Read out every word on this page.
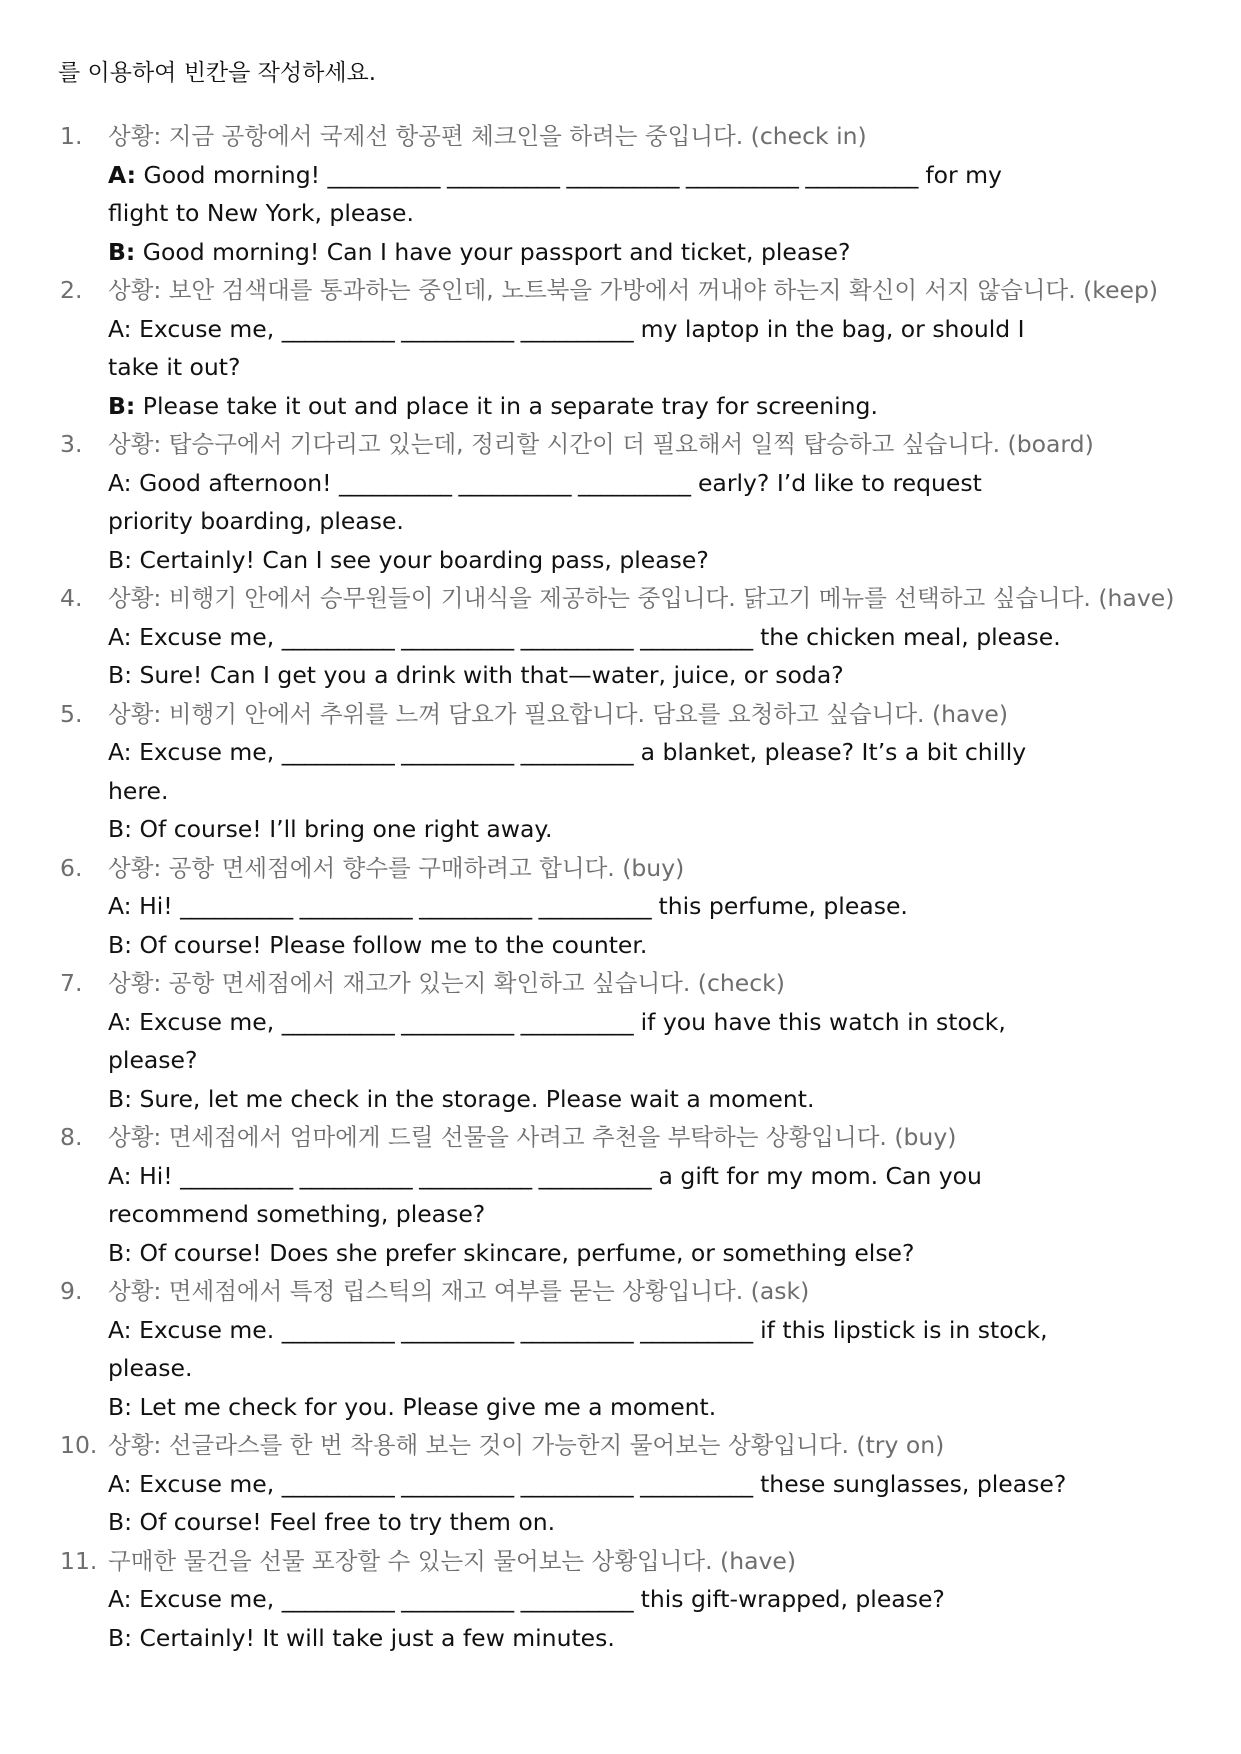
를 이용하여 빈칸을 작성하세요.
1.	상황: 지금 공항에서 국제선 항공편 체크인을 하려는 중입니다. (check in)
A: Good morning! __________ __________ __________ __________ __________ for my
flight to New York, please.
B: Good morning! Can I have your passport and ticket, please?
2.	상황: 보안 검색대를 통과하는 중인데, 노트북을 가방에서 꺼내야 하는지 확신이 서지 않습니다. (keep)
A: Excuse me, __________ __________ __________ my laptop in the bag, or should I
take it out?
B: Please take it out and place it in a separate tray for screening.
3.	상황: 탑승구에서 기다리고 있는데, 정리할 시간이 더 필요해서 일찍 탑승하고 싶습니다. (board)
A: Good afternoon! __________ __________ __________ early? I’d like to request
priority boarding, please.
B: Certainly! Can I see your boarding pass, please?
4.	상황: 비행기 안에서 승무원들이 기내식을 제공하는 중입니다. 닭고기 메뉴를 선택하고 싶습니다. (have)
A: Excuse me, __________ __________ __________ __________ the chicken meal, please.
B: Sure! Can I get you a drink with that—water, juice, or soda?
5.	상황: 비행기 안에서 추위를 느껴 담요가 필요합니다. 담요를 요청하고 싶습니다. (have)
A: Excuse me, __________ __________ __________ a blanket, please? It’s a bit chilly
here.
B: Of course! I’ll bring one right away.
6.	상황: 공항 면세점에서 향수를 구매하려고 합니다. (buy)
A: Hi! __________ __________ __________ __________ this perfume, please.
B: Of course! Please follow me to the counter.
7.	상황: 공항 면세점에서 재고가 있는지 확인하고 싶습니다. (check)
A: Excuse me, __________ __________ __________ if you have this watch in stock,
please?
B: Sure, let me check in the storage. Please wait a moment.
8.	상황: 면세점에서 엄마에게 드릴 선물을 사려고 추천을 부탁하는 상황입니다. (buy)
A: Hi! __________ __________ __________ __________ a gift for my mom. Can you
recommend something, please?
B: Of course! Does she prefer skincare, perfume, or something else?
9.	상황: 면세점에서 특정 립스틱의 재고 여부를 묻는 상황입니다. (ask)
A: Excuse me. __________ __________ __________ __________ if this lipstick is in stock,
please.
B: Let me check for you. Please give me a moment.
10. 상황: 선글라스를 한 번 착용해 보는 것이 가능한지 물어보는 상황입니다. (try on)
A: Excuse me, __________ __________ __________ __________ these sunglasses, please?
B: Of course! Feel free to try them on.
11. 구매한 물건을 선물 포장할 수 있는지 물어보는 상황입니다. (have)
A: Excuse me, __________ __________ __________ this gift-wrapped, please?
B: Certainly! It will take just a few minutes.
